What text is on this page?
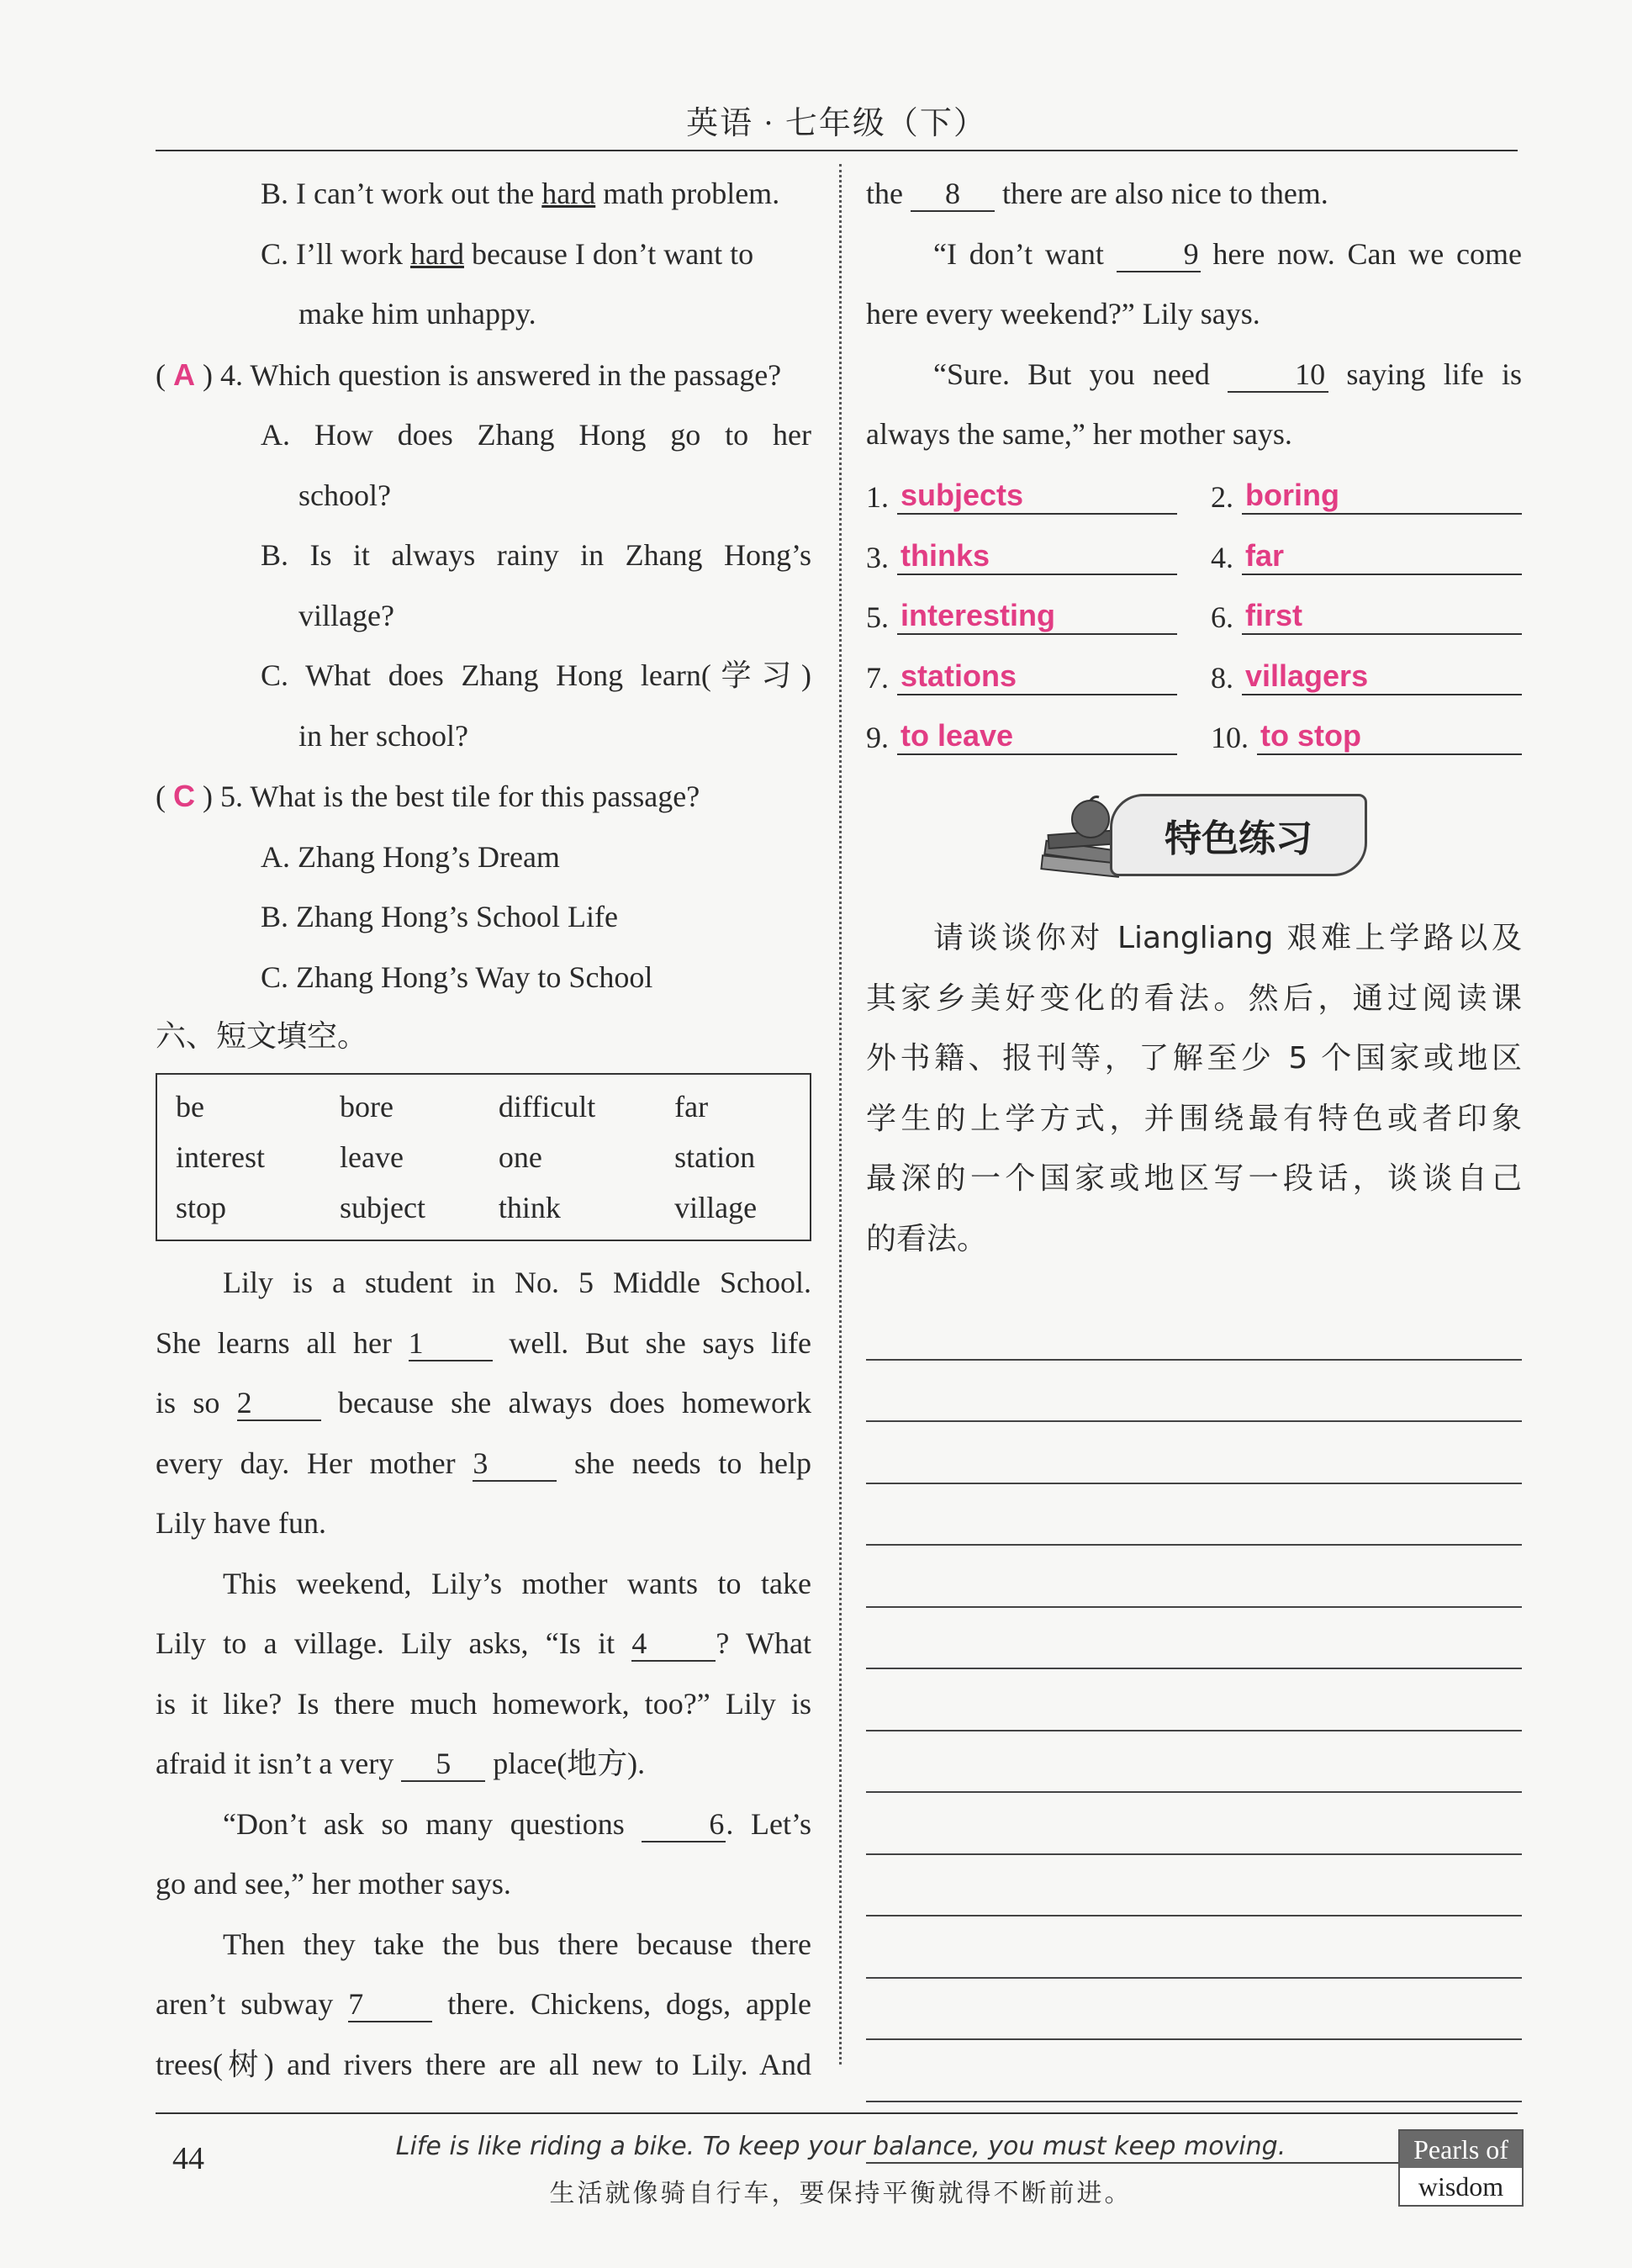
英语 · 七年级（下）
B. I can’t work out the hard math problem.
C. I’ll work hard because I don’t want to
make him unhappy.
( A ) 4. Which question is answered in the passage?
A. How does Zhang Hong go to her
school?
B. Is it always rainy in Zhang Hong’s
village?
C. What does Zhang Hong learn(学习)
in her school?
( C ) 5. What is the best tile for this passage?
A. Zhang Hong’s Dream
B. Zhang Hong’s School Life
C. Zhang Hong’s Way to School
六、短文填空。
be	bore	difficult	far
interest	leave	one	station
stop	subject	think	village
Lily is a student in No. 5 Middle School.
She learns all her 1	well. But she says life
is so 2	because she always does homework
every day. Her mother 3	she needs to help
Lily have fun.
This weekend, Lily’s mother wants to take
Lily to a village. Lily asks, “Is it 4 ? What
is it like? Is there much homework, too?” Lily is
afraid it isn’t a very 5 place(地方).
“Don’t ask so many questions	6. Let’s
go and see,” her mother says.
Then they take the bus there because there
aren’t subway 7	there. Chickens, dogs, apple
trees(树) and rivers there are all new to Lily. And
the 8 there are also nice to them.
“I don’t want	9 here now. Can we come
here every weekend?” Lily says.
“Sure. But you need	10 saying life is
always the same,” her mother says.
1. subjects	2. boring
3. thinks	4. far
5. interesting	6. first
7. stations	8. villagers
9. to leave	10. to stop
特色练习
请谈谈你对 Liangliang 艰难上学路以及
其家乡美好变化的看法。然后，通过阅读课
外书籍、报刊等，了解至少 5 个国家或地区
学生的上学方式，并围绕最有特色或者印象
最深的一个国家或地区写一段话，谈谈自己
的看法。
44	Life is like riding a bike. To keep your balance, you must keep moving.
生活就像骑自行车，要保持平衡就得不断前进。
Pearls of
wisdom
